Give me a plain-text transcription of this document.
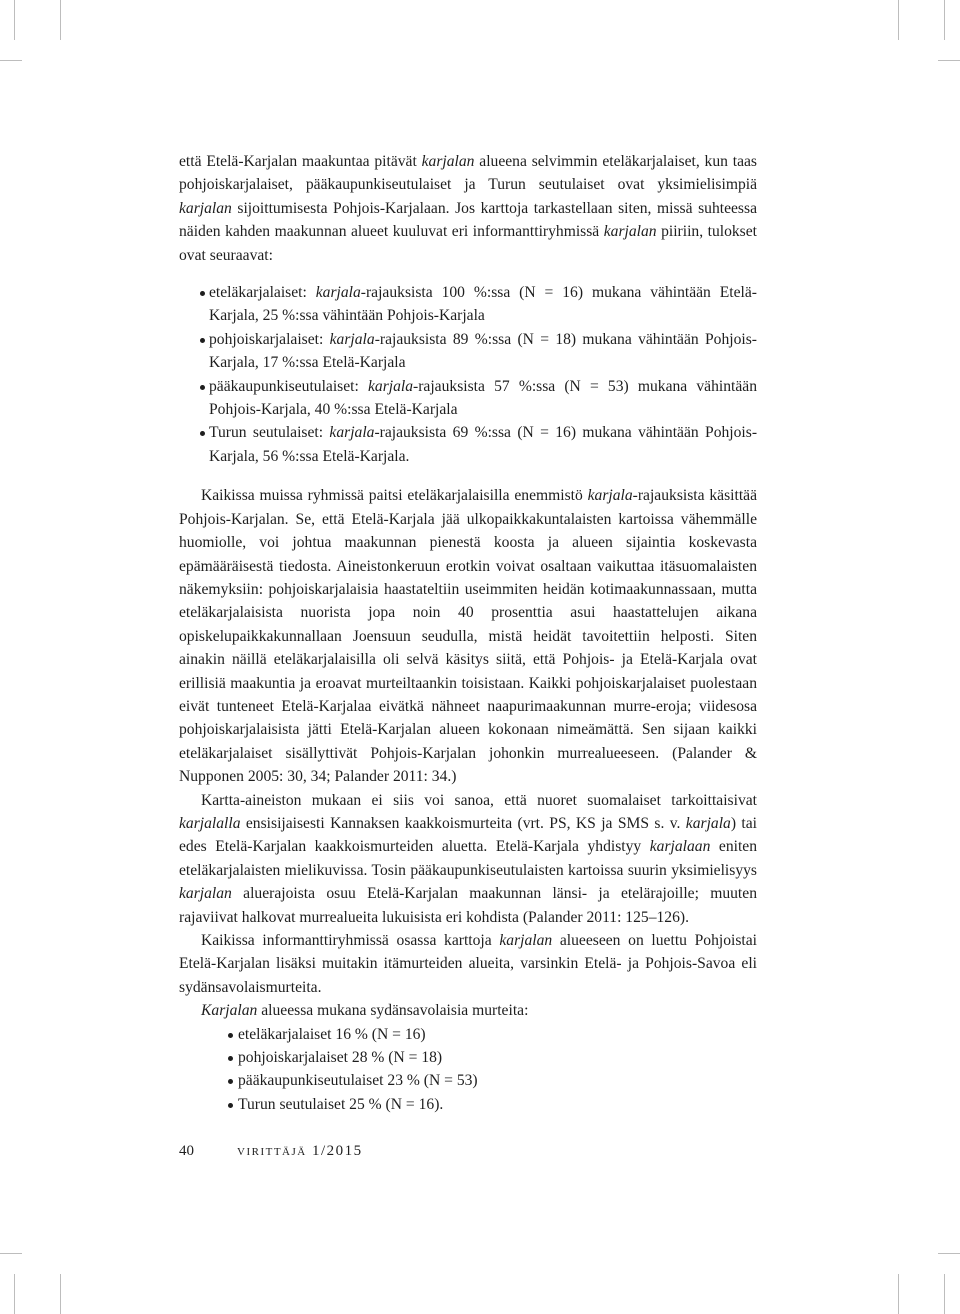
että Etelä-Karjalan maakuntaa pitävät karjalan alueena selvimmin eteläkarjalaiset, kun taas pohjoiskarjalaiset, pääkaupunkiseutulaiset ja Turun seutulaiset ovat yksimielisimpiä karjalan sijoittumisesta Pohjois-Karjalaan. Jos karttoja tarkastellaan siten, missä suhteessa näiden kahden maakunnan alueet kuuluvat eri informanttiryhmissä karjalan piiriin, tulokset ovat seuraavat:

eteläkarjalaiset: karjala-rajauksista 100 %:ssa (N = 16) mukana vähintään Etelä-Karjala, 25 %:ssa vähintään Pohjois-Karjala
pohjoiskarjalaiset: karjala-rajauksista 89 %:ssa (N = 18) mukana vähintään Pohjois-Karjala, 17 %:ssa Etelä-Karjala
pääkaupunkiseutulaiset: karjala-rajauksista 57 %:ssa (N = 53) mukana vähintään Pohjois-Karjala, 40 %:ssa Etelä-Karjala
Turun seutulaiset: karjala-rajauksista 69 %:ssa (N = 16) mukana vähintään Pohjois-Karjala, 56 %:ssa Etelä-Karjala.

Kaikissa muissa ryhmissä paitsi eteläkarjalaisilla enemmistö karjala-rajauksista käsittää Pohjois-Karjalan. Se, että Etelä-Karjala jää ulkopaikkakuntalaisten kartoissa vähemmälle huomiolle, voi johtua maakunnan pienestä koosta ja alueen sijaintia koskevasta epämääräisestä tiedosta. Aineistonkeruun erotkin voivat osaltaan vaikuttaa itäsuomalaisten näkemyksiin: pohjoiskarjalaisia haastateltiin useimmiten heidän kotimaakunnassaan, mutta eteläkarjalaisista nuorista jopa noin 40 prosenttia asui haastattelujen aikana opiskelupaikkakunnallaan Joensuun seudulla, mistä heidät tavoitettiin helposti. Siten ainakin näillä eteläkarjalaisilla oli selvä käsitys siitä, että Pohjois- ja Etelä-Karjala ovat erillisiä maakuntia ja eroavat murteiltaankin toisistaan. Kaikki pohjoiskarjalaiset puolestaan eivät tunteneet Etelä-Karjalaa eivätkä nähneet naapurimaakunnan murre-eroja; viidesosa pohjoiskarjalaisista jätti Etelä-Karjalan alueen kokonaan nimeämättä. Sen sijaan kaikki eteläkarjalaiset sisällyttivät Pohjois-Karjalan johonkin murrealueeseen. (Palander & Nupponen 2005: 30, 34; Palander 2011: 34.)

Kartta-aineiston mukaan ei siis voi sanoa, että nuoret suomalaiset tarkoittaisivat karjalalla ensisijaisesti Kannaksen kaakkoismurteita (vrt. PS, KS ja SMS s. v. karjala) tai edes Etelä-Karjalan kaakkoismurteiden aluetta. Etelä-Karjala yhdistyy karjalaan eniten eteläkarjalaisten mielikuvissa. Tosin pääkaupunkiseutulaisten kartoissa suurin yksimielisyys karjalan aluerajoista osuu Etelä-Karjalan maakunnan länsi- ja etelärajoille; muuten rajaviivat halkovat murrealueita lukuisista eri kohdista (Palander 2011: 125–126).

Kaikissa informanttiryhmissä osassa karttoja karjalan alueeseen on luettu Pohjoistai Etelä-Karjalan lisäksi muitakin itämurteiden alueita, varsinkin Etelä- ja Pohjois-Savoa eli sydänsavolaismurteita.

Karjalan alueessa mukana sydänsavolaisia murteita:

eteläkarjalaiset 16 % (N = 16)
pohjoiskarjalaiset 28 % (N = 18)
pääkaupunkiseutulaiset 23 % (N = 53)
Turun seutulaiset 25 % (N = 16).
40	virittäjä 1/2015
